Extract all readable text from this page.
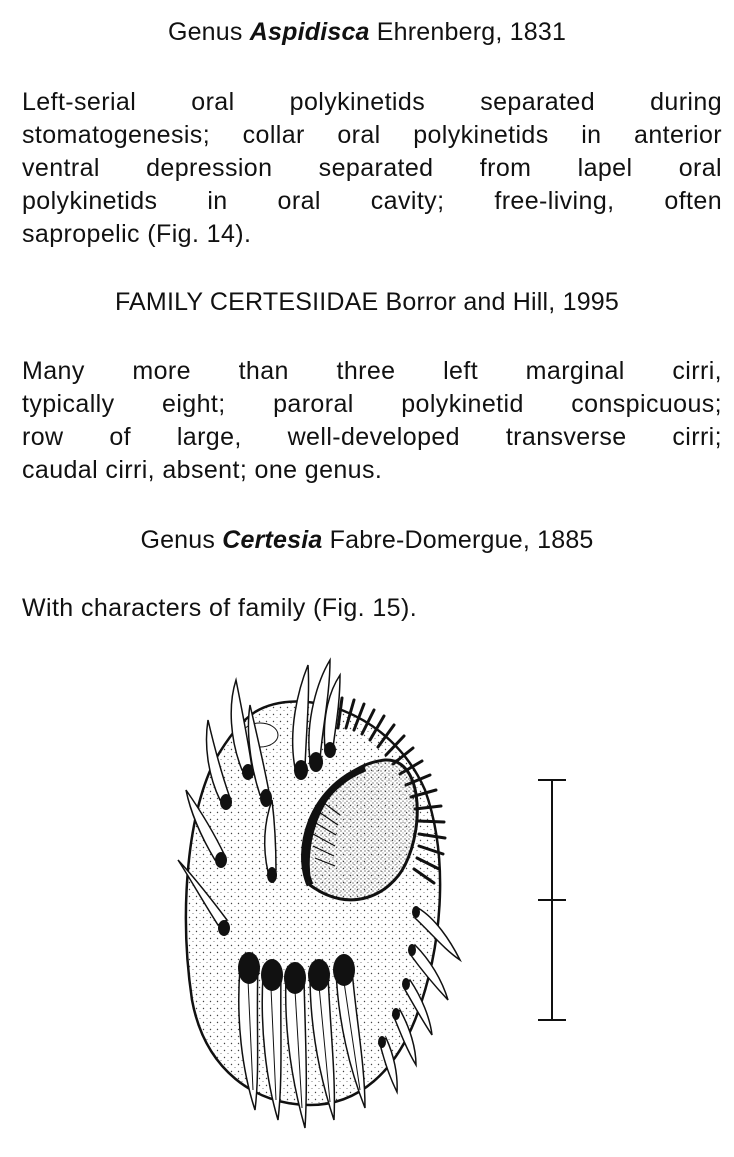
Genus Aspidisca Ehrenberg, 1831
Left-serial oral polykinetids separated during
stomatogenesis; collar oral polykinetids in anterior
ventral depression separated from lapel oral
polykinetids in oral cavity; free-living, often
sapropelic (Fig. 14).
FAMILY CERTESIIDAE Borror and Hill, 1995
Many more than three left marginal cirri,
typically eight; paroral polykinetid conspicuous;
row of large, well-developed transverse cirri;
caudal cirri, absent; one genus.
Genus Certesia Fabre-Domergue, 1885
With characters of family (Fig. 15).
